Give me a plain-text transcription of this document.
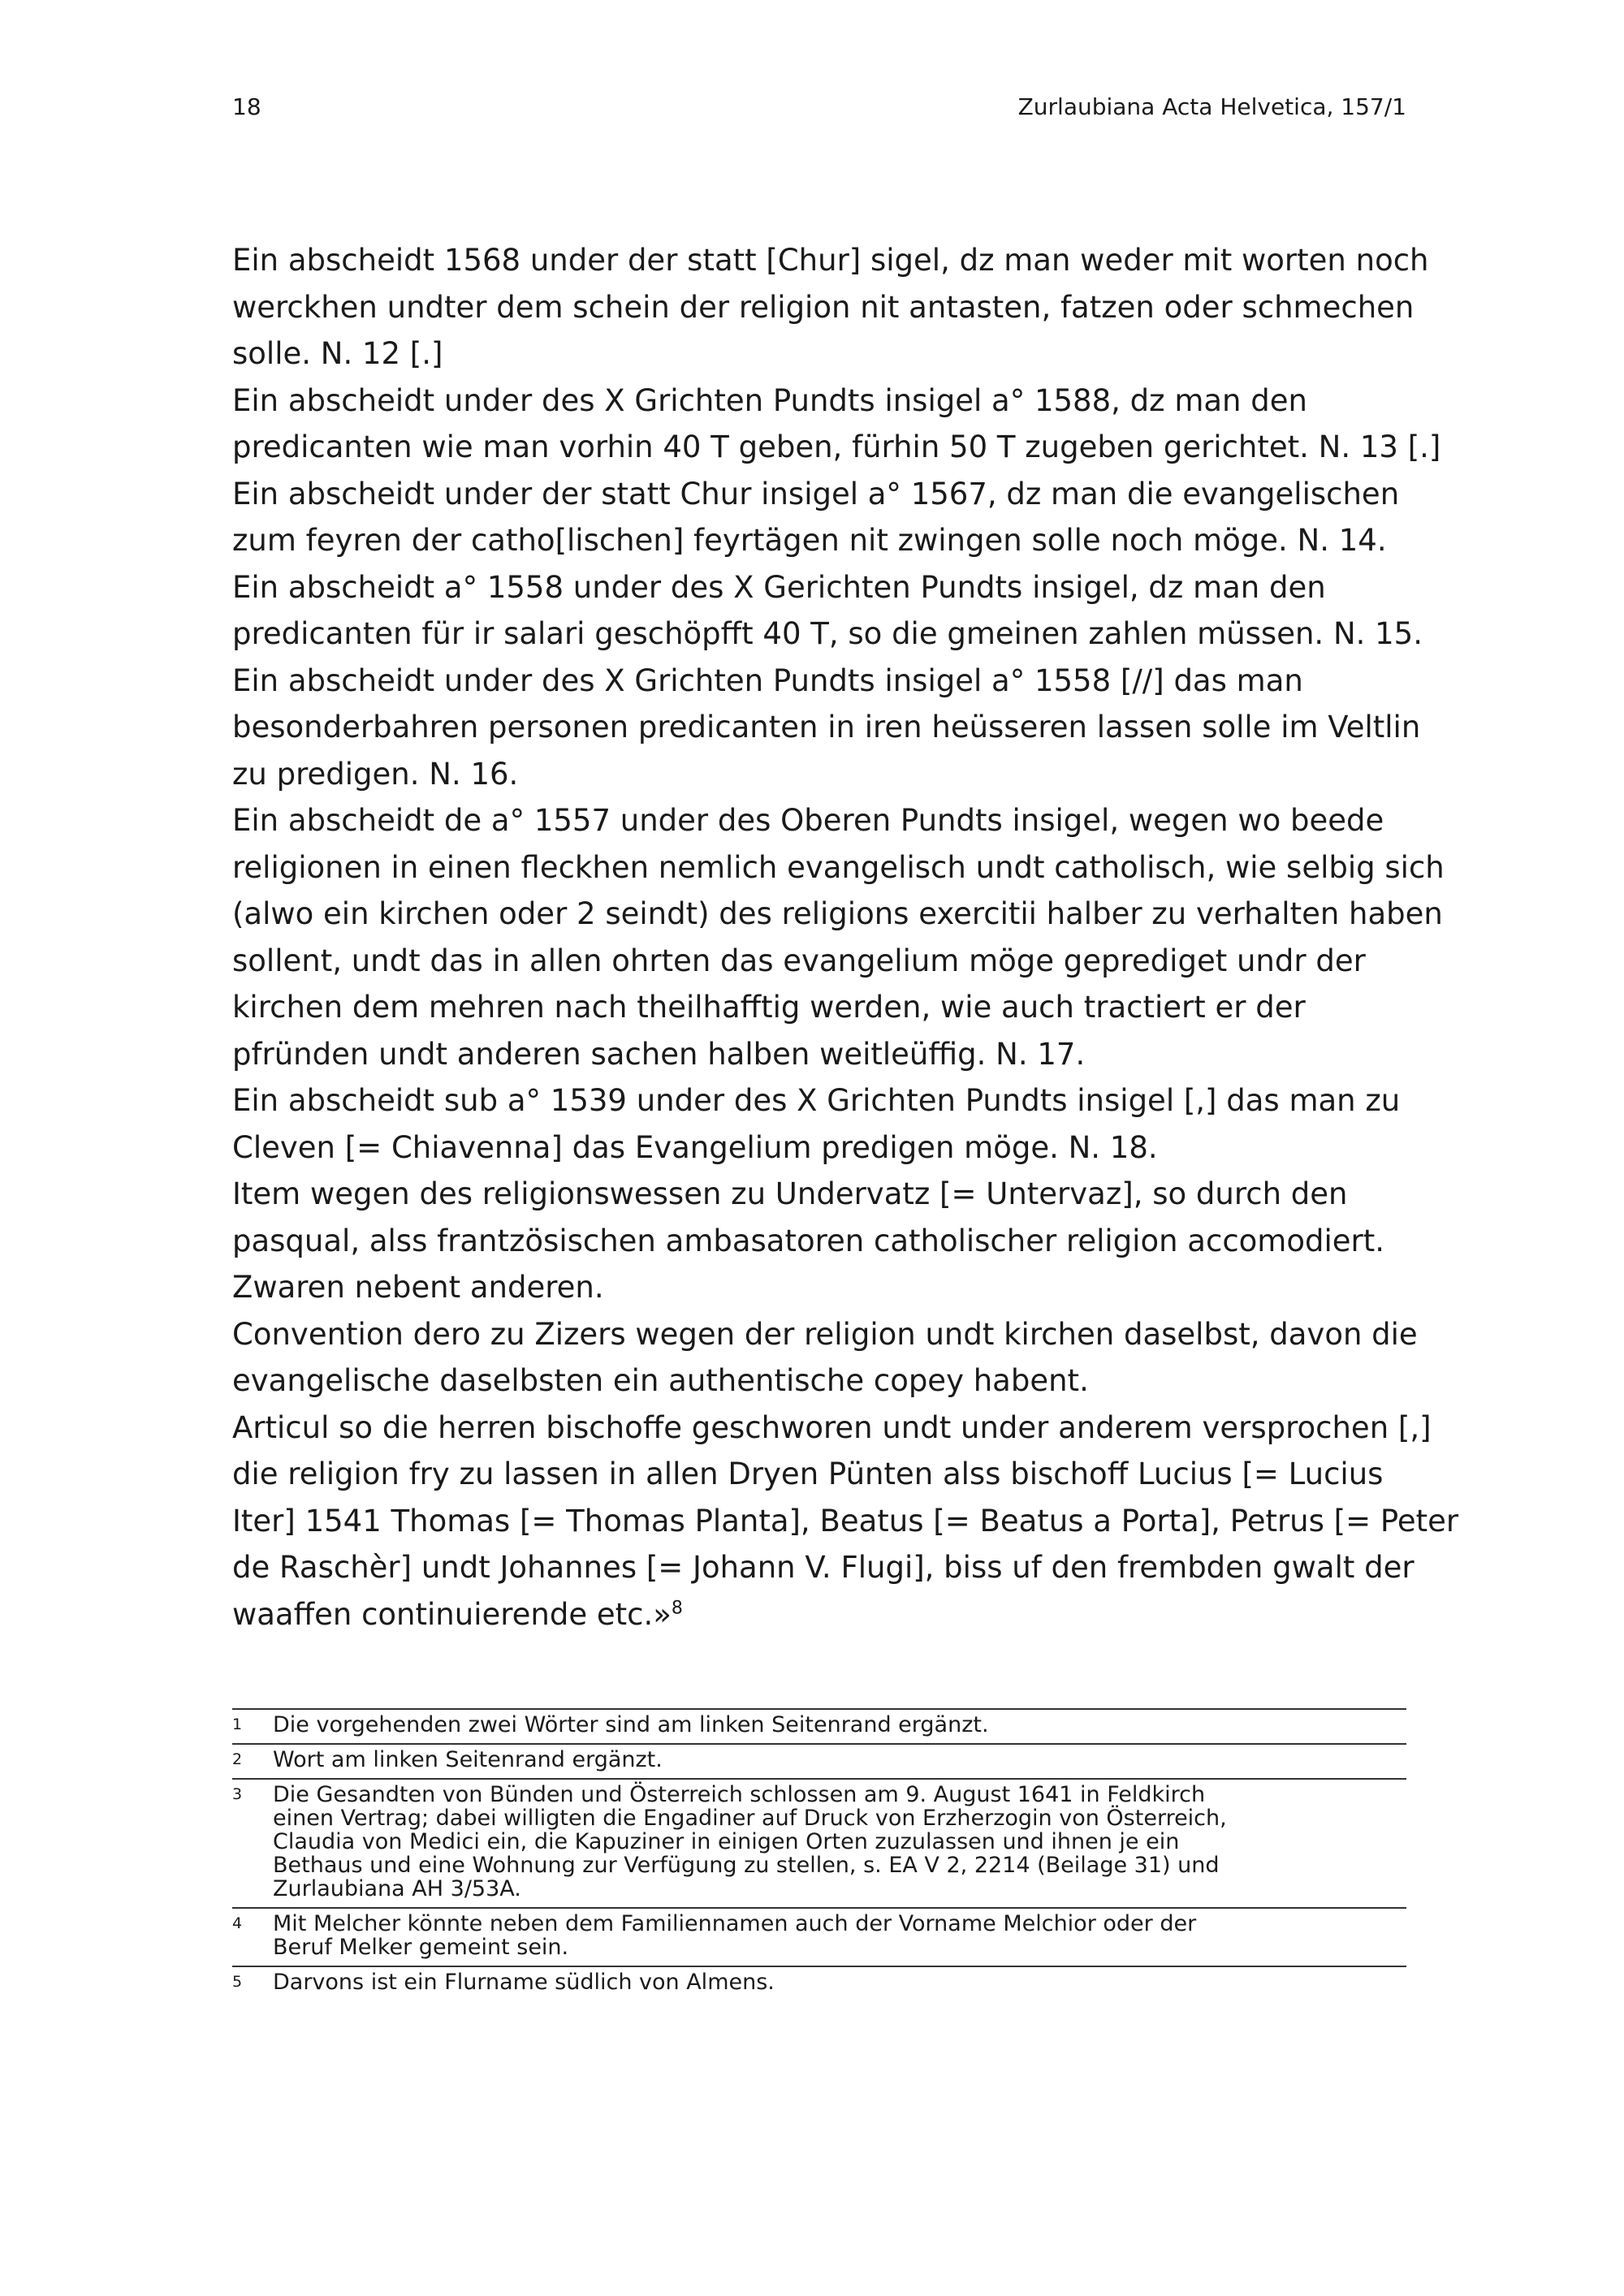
18	Zurlaubiana Acta Helvetica, 157/1

Ein abscheidt 1568 under der statt [Chur] sigel, dz man weder mit worten noch

werckhen undter dem schein der religion nit antasten, fatzen oder schmechen

solle. N. 12 [.]

Ein abscheidt under des X Grichten Pundts insigel a° 1588, dz man den

predicanten wie man vorhin 40 T geben, fürhin 50 T zugeben gerichtet. N. 13 [.]

Ein abscheidt under der statt Chur insigel a° 1567, dz man die evangelischen

zum feyren der catho[lischen] feyrtägen nit zwingen solle noch möge. N. 14.

Ein abscheidt a° 1558 under des X Gerichten Pundts insigel, dz man den

predicanten für ir salari geschöpfft 40 T, so die gmeinen zahlen müssen. N. 15.

Ein abscheidt under des X Grichten Pundts insigel a° 1558 [//] das man

besonderbahren personen predicanten in iren heüsseren lassen solle im Veltlin

zu predigen. N. 16.

Ein abscheidt de a° 1557 under des Oberen Pundts insigel, wegen wo beede

religionen in einen fleckhen nemlich evangelisch undt catholisch, wie selbig sich

(alwo ein kirchen oder 2 seindt) des religions exercitii halber zu verhalten haben

sollent, undt das in allen ohrten das evangelium möge geprediget undr der

kirchen dem mehren nach theilhafftig werden, wie auch tractiert er der

pfründen undt anderen sachen halben weitleüffig. N. 17.

Ein abscheidt sub a° 1539 under des X Grichten Pundts insigel [,] das man zu

Cleven [= Chiavenna] das Evangelium predigen möge. N. 18.

Item wegen des religionswessen zu Undervatz [= Untervaz], so durch den

pasqual, alss frantzösischen ambasatoren catholischer religion accomodiert.

Zwaren nebent anderen.

Convention dero zu Zizers wegen der religion undt kirchen daselbst, davon die

evangelische daselbsten ein authentische copey habent.

Articul so die herren bischoffe geschworen undt under anderem versprochen [,]

die religion fry zu lassen in allen Dryen Pünten alss bischoff Lucius [= Lucius

Iter] 1541 Thomas [= Thomas Planta], Beatus [= Beatus a Porta], Petrus [= Peter

de Raschèr] undt Johannes [= Johann V. Flugi], biss uf den frembden gwalt der

waaffen continuierende etc.»$^8$

1	Die vorgehenden zwei Wörter sind am linken Seitenrand ergänzt.
2	Wort am linken Seitenrand ergänzt.
3	Die Gesandten von Bünden und Österreich schlossen am 9. August 1641 in Feldkirch
einen Vertrag; dabei willigten die Engadiner auf Druck von Erzherzogin von Österreich,
Claudia von Medici ein, die Kapuziner in einigen Orten zuzulassen und ihnen je ein
Bethaus und eine Wohnung zur Verfügung zu stellen, s. EA V 2, 2214 (Beilage 31) und
Zurlaubiana AH 3/53A.
4	Mit Melcher könnte neben dem Familiennamen auch der Vorname Melchior oder der
Beruf Melker gemeint sein.
5	Darvons ist ein Flurname südlich von Almens.
